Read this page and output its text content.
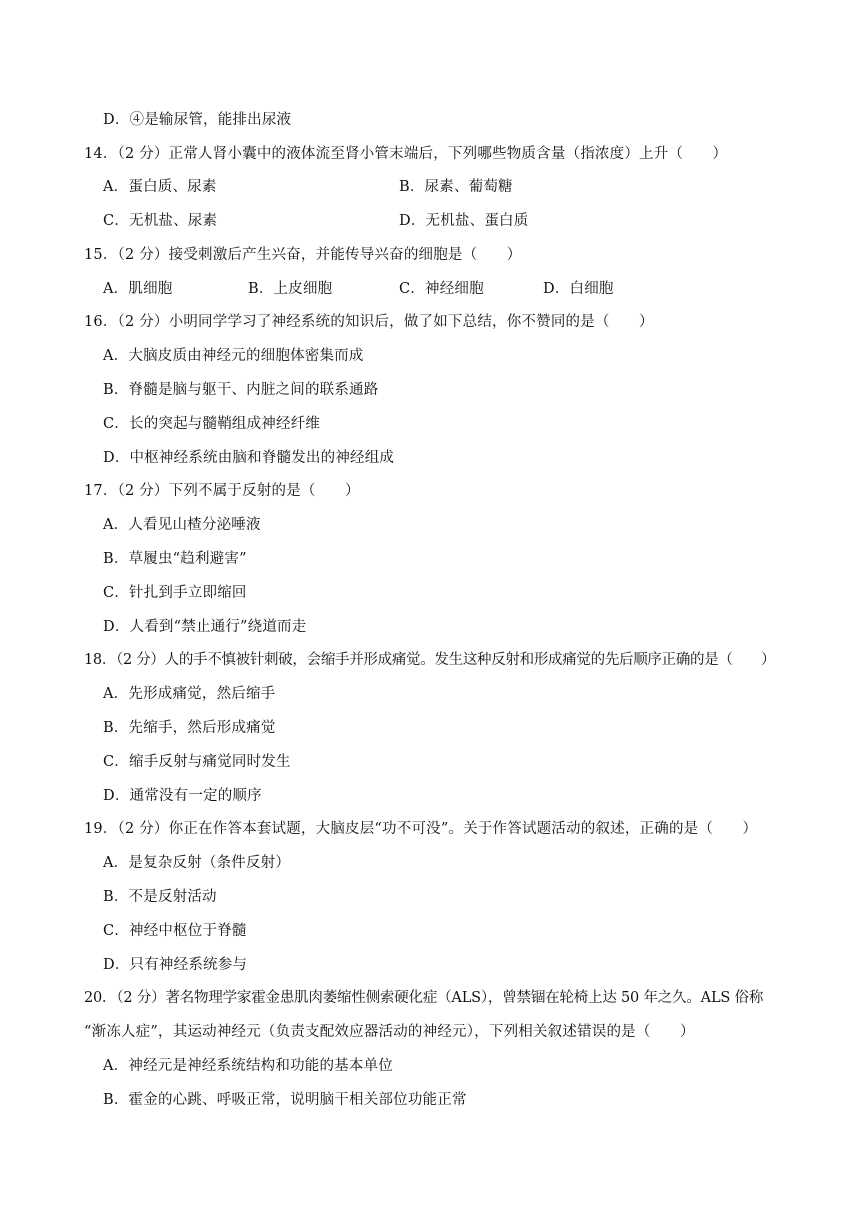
D．④是输尿管，能排出尿液
14．（2 分）正常人肾小囊中的液体流至肾小管末端后，下列哪些物质含量（指浓度）上升（　　）
A．蛋白质、尿素	B．尿素、葡萄糖
C．无机盐、尿素	D．无机盐、蛋白质
15．（2 分）接受刺激后产生兴奋，并能传导兴奋的细胞是（　　）
A．肌细胞	B．上皮细胞	C．神经细胞	D．白细胞
16．（2 分）小明同学学习了神经系统的知识后，做了如下总结，你不赞同的是（　　）
A．大脑皮质由神经元的细胞体密集而成
B．脊髓是脑与躯干、内脏之间的联系通路
C．长的突起与髓鞘组成神经纤维
D．中枢神经系统由脑和脊髓发出的神经组成
17．（2 分）下列不属于反射的是（　　）
A．人看见山楂分泌唾液
B．草履虫“趋利避害”
C．针扎到手立即缩回
D．人看到“禁止通行”绕道而走
18．（2 分）人的手不慎被针刺破，会缩手并形成痛觉。发生这种反射和形成痛觉的先后顺序正确的是（　　）
A．先形成痛觉，然后缩手
B．先缩手，然后形成痛觉
C．缩手反射与痛觉同时发生
D．通常没有一定的顺序
19．（2 分）你正在作答本套试题，大脑皮层“功不可没”。关于作答试题活动的叙述，正确的是（　　）
A．是复杂反射（条件反射）
B．不是反射活动
C．神经中枢位于脊髓
D．只有神经系统参与
20．（2 分）著名物理学家霍金患肌肉萎缩性侧索硬化症（ALS），曾禁锢在轮椅上达 50 年之久。ALS 俗称
“渐冻人症”，其运动神经元（负责支配效应器活动的神经元），下列相关叙述错误的是（　　）
A．神经元是神经系统结构和功能的基本单位
B．霍金的心跳、呼吸正常，说明脑干相关部位功能正常
